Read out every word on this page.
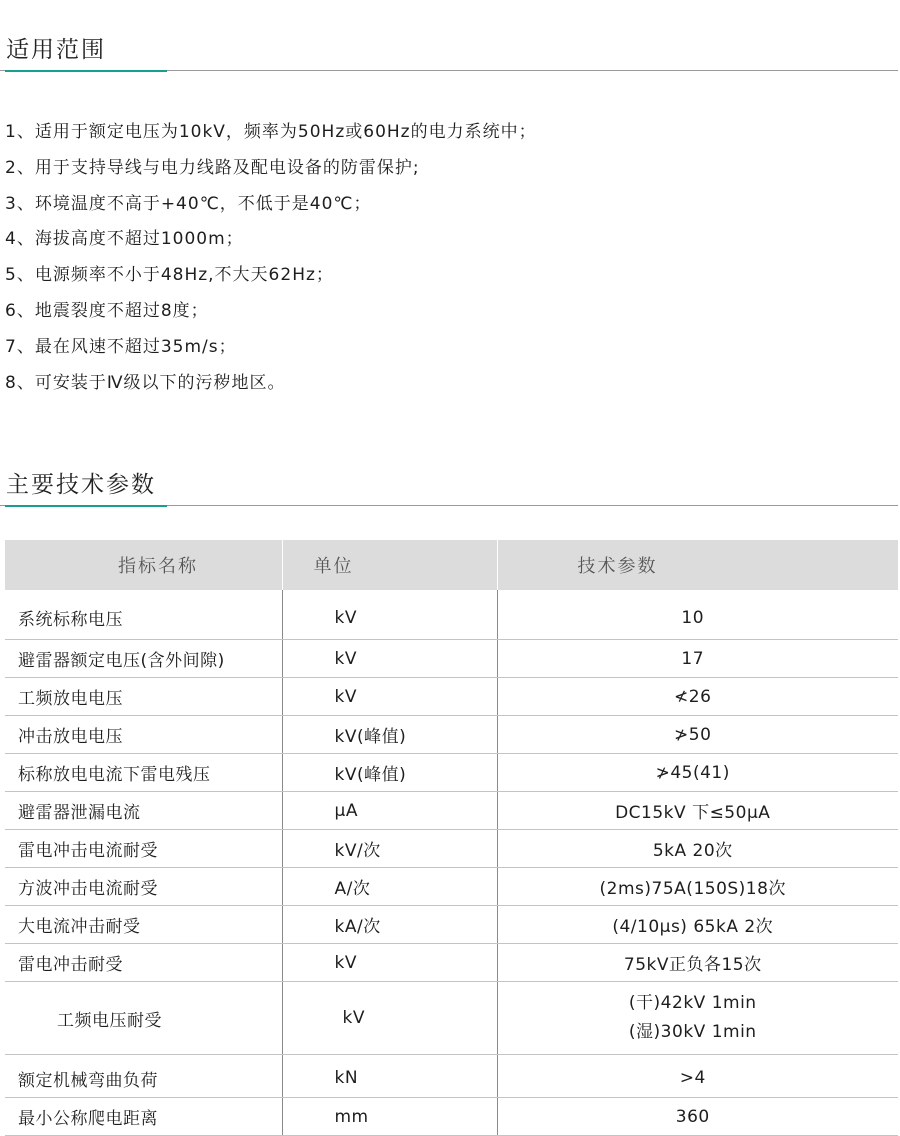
适用范围
1、适用于额定电压为10kV，频率为50Hz或60Hz的电力系统中；
2、用于支持导线与电力线路及配电设备的防雷保护;
3、环境温度不高于+40℃，不低于是40℃；
4、海拔高度不超过1000m；
5、电源频率不小于48Hz,不大天62Hz；
6、地震裂度不超过8度；
7、最在风速不超过35m/s；
8、可安装于Ⅳ级以下的污秽地区。
主要技术参数
指标名称	单位	技术参数
系统标称电压	kV	10
避雷器额定电压(含外间隙)	kV	17
工频放电电压	kV	≮26
冲击放电电压	kV(峰值)	≯50
标称放电电流下雷电残压	kV(峰值)	≯45(41)
避雷器泄漏电流	μA	DC15kV 下≤50μA
雷电冲击电流耐受	kV/次	5kA 20次
方波冲击电流耐受	A/次	(2ms)75A(150S)18次
大电流冲击耐受	kA/次	(4/10μs) 65kA 2次
雷电冲击耐受	kV	75kV正负各15次
工频电压耐受	kV	(干)42kV 1min
(湿)30kV 1min

额定机械弯曲负荷	kN	>4
最小公称爬电距离	mm	360
